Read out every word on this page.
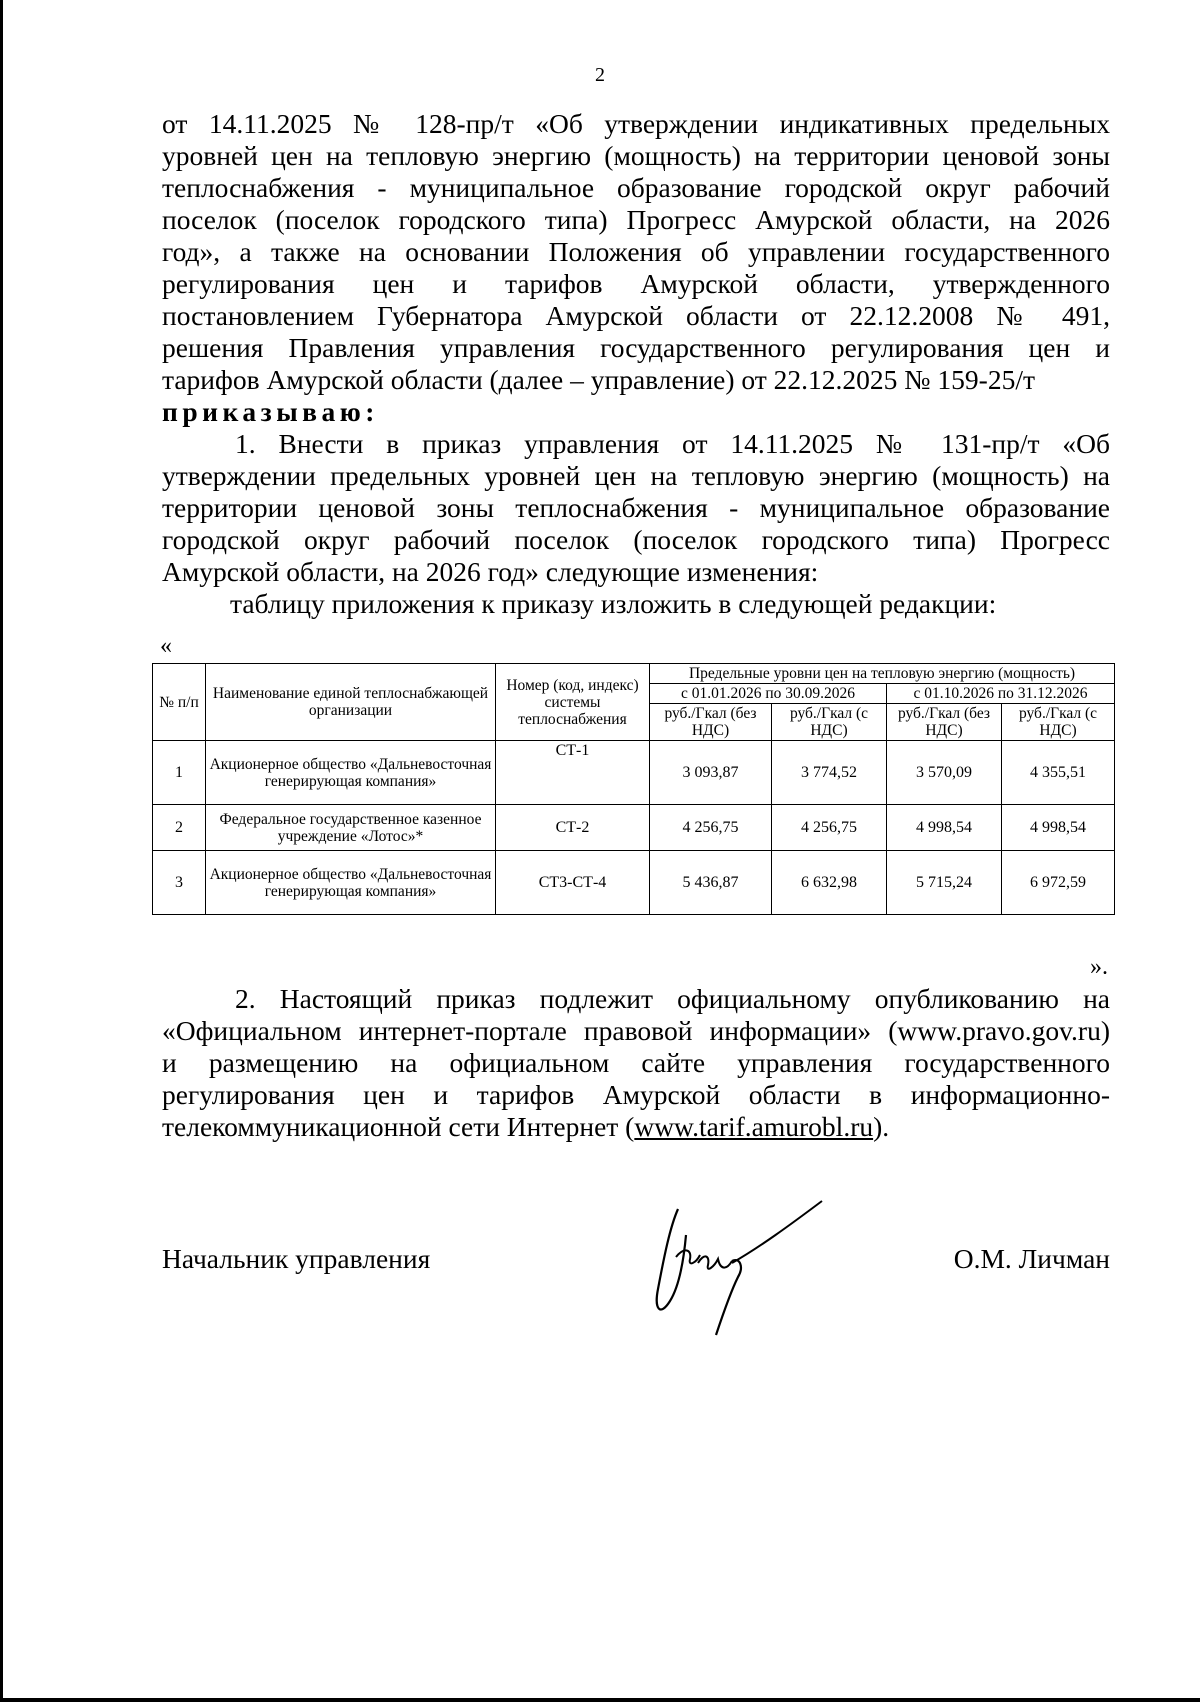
2
от 14.11.2025 № 128-пр/т «Об утверждении индикативных предельных
уровней цен на тепловую энергию (мощность) на территории ценовой зоны
теплоснабжения - муниципальное образование городской округ рабочий
поселок (поселок городского типа) Прогресс Амурской области, на 2026
год», а также на основании Положения об управлении государственного
регулирования цен и тарифов Амурской области, утвержденного
постановлением Губернатора Амурской области от 22.12.2008 № 491,
решения Правления управления государственного регулирования цен и
тарифов Амурской области (далее – управление) от 22.12.2025 № 159-25/т
приказываю:
1. Внести в приказ управления от 14.11.2025 № 131-пр/т «Об
утверждении предельных уровней цен на тепловую энергию (мощность) на
территории ценовой зоны теплоснабжения - муниципальное образование
городской округ рабочий поселок (поселок городского типа) Прогресс
Амурской области, на 2026 год» следующие изменения:
таблицу приложения к приказу изложить в следующей редакции:
«
№ п/п	Наименование единой теплоснабжающей организации	Номер (код, индекс) системы теплоснабжения	Предельные уровни цен на тепловую энергию (мощность)			
			с 01.01.2026 по 30.09.2026		с 01.10.2026 по 31.12.2026	
			руб./Гкал (без НДС)	руб./Гкал (с НДС)	руб./Гкал (без НДС)	руб./Гкал (с НДС)
1	Акционерное общество «Дальневосточная генерирующая компания»	СТ-1	3 093,87	3 774,52	3 570,09	4 355,51
2	Федеральное государственное казенное учреждение «Лотос»*	СТ-2	4 256,75	4 256,75	4 998,54	4 998,54
3	Акционерное общество «Дальневосточная генерирующая компания»	СТ3-СТ-4	5 436,87	6 632,98	5 715,24	6 972,59
».
2. Настоящий приказ подлежит официальному опубликованию на
«Официальном интернет-портале правовой информации» (www.pravo.gov.ru)
и размещению на официальном сайте управления государственного
регулирования цен и тарифов Амурской области в информационно-
телекоммуникационной сети Интернет (www.tarif.amurobl.ru).
Начальник управления	О.М. Личман
